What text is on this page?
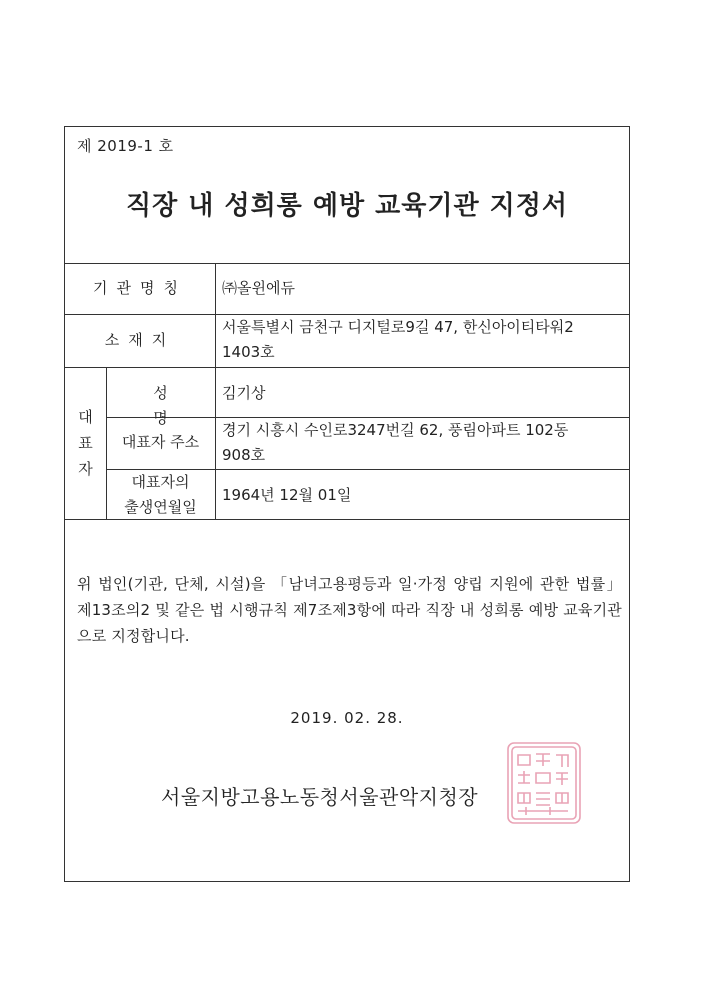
제 2019-1 호
직장 내 성희롱 예방 교육기관 지정서
기관명칭	㈜올윈에듀
소재지
서울특별시 금천구 디지털로9길 47, 한신아이티타워2
1403호
대
표
자
성명
김기상
대표자 주소
경기 시흥시 수인로3247번길 62, 풍림아파트 102동
908호
대표자의
출생연월일
1964년 12월 01일
위 법인(기관, 단체, 시설)을 「남녀고용평등과 일·가정 양립 지원에 관한 법률」 제13조의2 및 같은 법 시행규칙 제7조제3항에 따라 직장 내 성희롱 예방 교육기관으로 지정합니다.
2019. 02. 28.
서울지방고용노동청서울관악지청장
